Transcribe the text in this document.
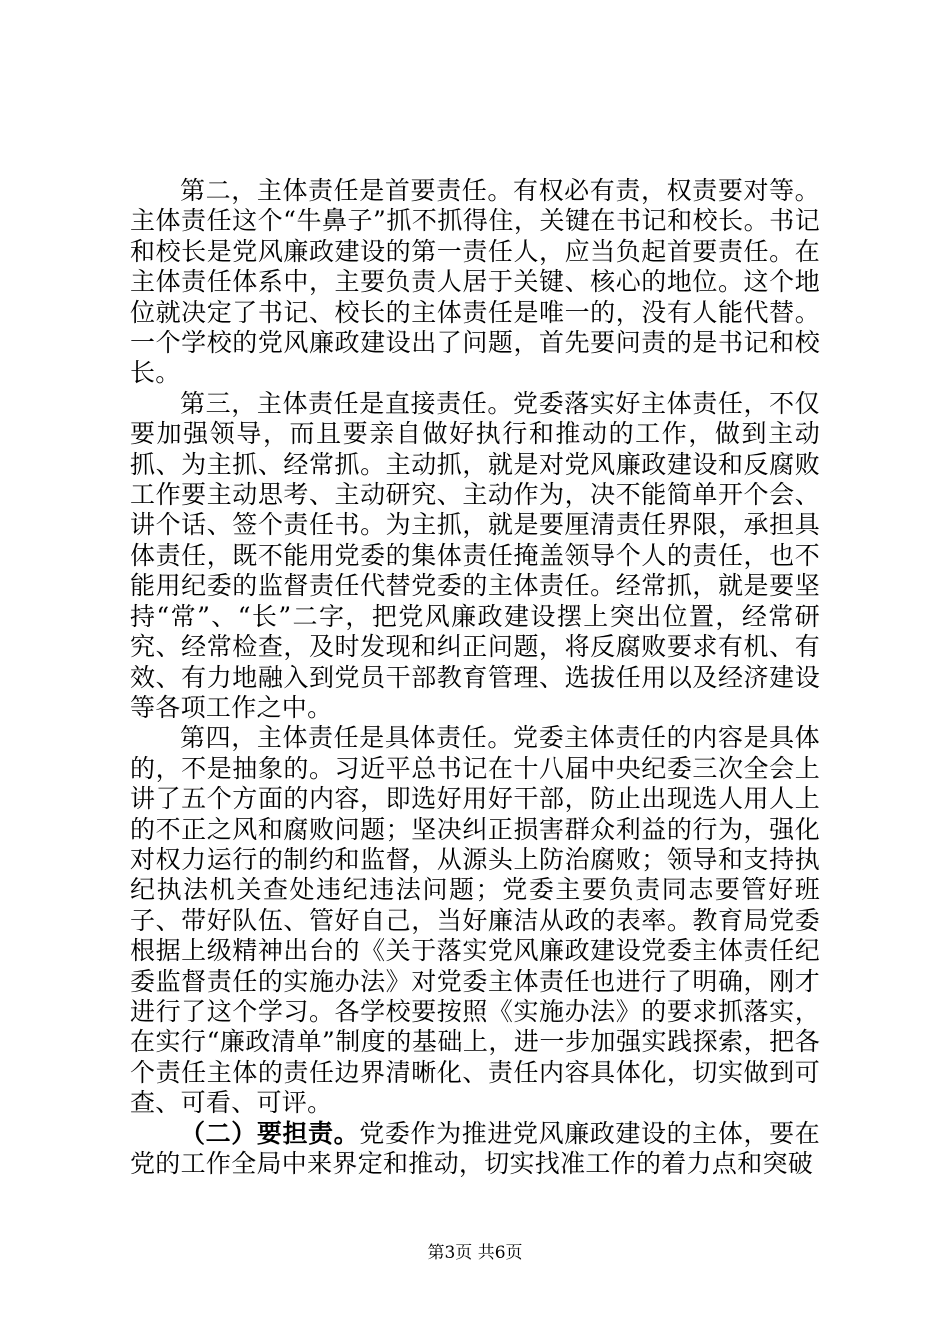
第二，主体责任是首要责任。有权必有责，权责要对等。主体责任这个“牛鼻子”抓不抓得住，关键在书记和校长。书记和校长是党风廉政建设的第一责任人，应当负起首要责任。在主体责任体系中，主要负责人居于关键、核心的地位。这个地位就决定了书记、校长的主体责任是唯一的，没有人能代替。一个学校的党风廉政建设出了问题，首先要问责的是书记和校长。

第三，主体责任是直接责任。党委落实好主体责任，不仅要加强领导，而且要亲自做好执行和推动的工作，做到主动抓、为主抓、经常抓。主动抓，就是对党风廉政建设和反腐败工作要主动思考、主动研究、主动作为，决不能简单开个会、讲个话、签个责任书。为主抓，就是要厘清责任界限，承担具体责任，既不能用党委的集体责任掩盖领导个人的责任，也不能用纪委的监督责任代替党委的主体责任。经常抓，就是要坚持“常”、“长”二字，把党风廉政建设摆上突出位置，经常研究、经常检查，及时发现和纠正问题，将反腐败要求有机、有效、有力地融入到党员干部教育管理、选拔任用以及经济建设等各项工作之中。

第四，主体责任是具体责任。党委主体责任的内容是具体的，不是抽象的。习近平总书记在十八届中央纪委三次全会上讲了五个方面的内容，即选好用好干部，防止出现选人用人上的不正之风和腐败问题；坚决纠正损害群众利益的行为，强化对权力运行的制约和监督，从源头上防治腐败；领导和支持执纪执法机关查处违纪违法问题；党委主要负责同志要管好班子、带好队伍、管好自己，当好廉洁从政的表率。教育局党委根据上级精神出台的《关于落实党风廉政建设党委主体责任纪委监督责任的实施办法》对党委主体责任也进行了明确，刚才进行了这个学习。各学校要按照《实施办法》的要求抓落实，在实行“廉政清单”制度的基础上，进一步加强实践探索，把各个责任主体的责任边界清晰化、责任内容具体化，切实做到可查、可看、可评。

（二）要担责。党委作为推进党风廉政建设的主体，要在党的工作全局中来界定和推动，切实找准工作的着力点和突破

第3页 共6页
